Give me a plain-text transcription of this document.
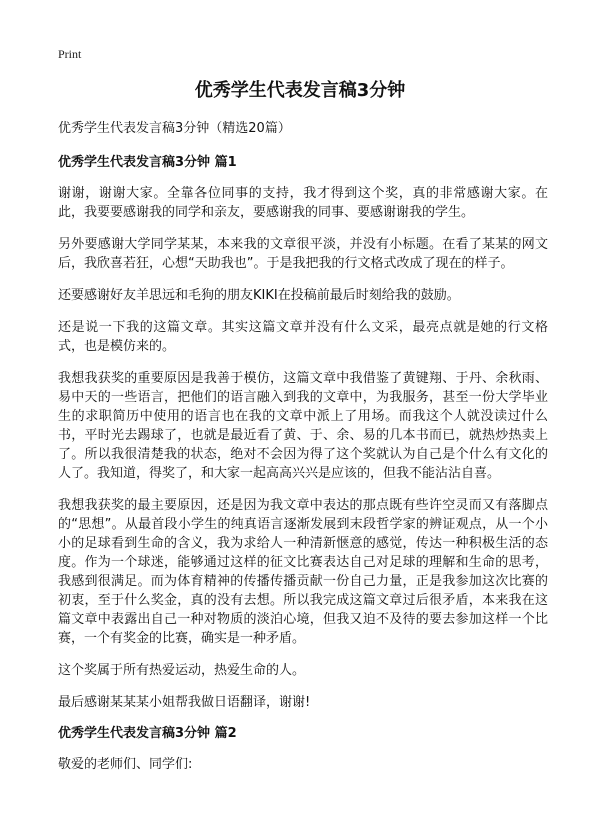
Print
优秀学生代表发言稿3分钟

优秀学生代表发言稿3分钟（精选20篇）

优秀学生代表发言稿3分钟 篇1

谢谢，谢谢大家。全靠各位同事的支持，我才得到这个奖，真的非常感谢大家。在此，我要要感谢我的同学和亲友，要感谢我的同事、要感谢谢我的学生。

另外要感谢大学同学某某，本来我的文章很平淡，并没有小标题。在看了某某的网文后，我欣喜若狂，心想“天助我也”。于是我把我的行文格式改成了现在的样子。

还要感谢好友羊思远和毛狗的朋友KIKI在投稿前最后时刻给我的鼓励。

还是说一下我的这篇文章。其实这篇文章并没有什么文采，最亮点就是她的行文格式，也是模仿来的。

我想我获奖的重要原因是我善于模仿，这篇文章中我借鉴了黄键翔、于丹、余秋雨、易中天的一些语言，把他们的语言融入到我的文章中，为我服务，甚至一份大学毕业生的求职简历中使用的语言也在我的文章中派上了用场。而我这个人就没读过什么书，平时光去踢球了，也就是最近看了黄、于、余、易的几本书而已，就热炒热卖上了。所以我很清楚我的状态，绝对不会因为得了这个奖就认为自己是个什么有文化的人了。我知道，得奖了，和大家一起高高兴兴是应该的，但我不能沾沾自喜。

我想我获奖的最主要原因，还是因为我文章中表达的那点既有些许空灵而又有落脚点的“思想”。从最首段小学生的纯真语言逐渐发展到末段哲学家的辨证观点，从一个小小的足球看到生命的含义，我为求给人一种清新惬意的感觉，传达一种积极生活的态度。作为一个球迷，能够通过这样的征文比赛表达自己对足球的理解和生命的思考，我感到很满足。而为体育精神的传播传播贡献一份自己力量，正是我参加这次比赛的初衷，至于什么奖金，真的没有去想。所以我完成这篇文章过后很矛盾，本来我在这篇文章中表露出自己一种对物质的淡泊心境，但我又迫不及待的要去参加这样一个比赛，一个有奖金的比赛，确实是一种矛盾。

这个奖属于所有热爱运动，热爱生命的人。

最后感谢某某某小姐帮我做日语翻译，谢谢!

优秀学生代表发言稿3分钟 篇2

敬爱的老师们、同学们:
